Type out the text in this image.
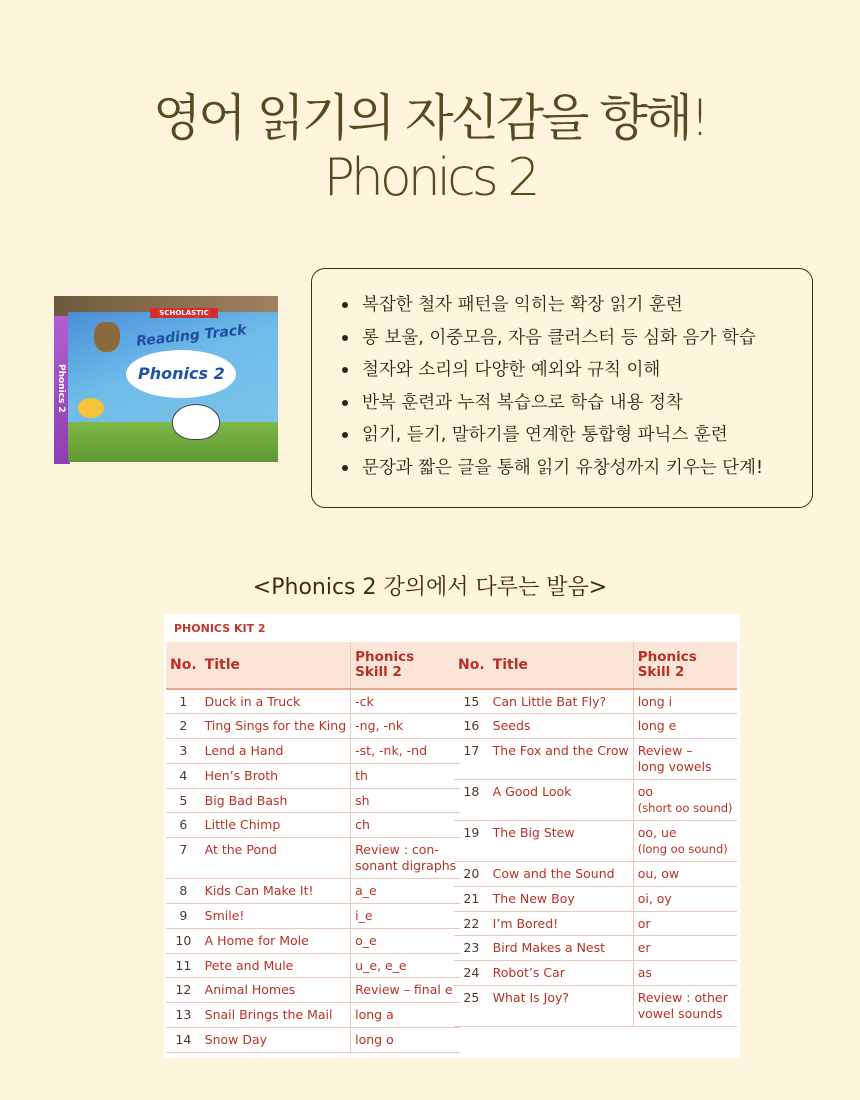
영어 읽기의 자신감을 향해!
Phonics 2
SCHOLASTIC
Reading Track
Phonics 2
Phonics 2
복잡한 철자 패턴을 익히는 확장 읽기 훈련
롱 보울, 이중모음, 자음 클러스터 등 심화 음가 학습
철자와 소리의 다양한 예외와 규칙 이해
반복 훈련과 누적 복습으로 학습 내용 정착
읽기, 듣기, 말하기를 연계한 통합형 파닉스 훈련
문장과 짧은 글을 통해 읽기 유창성까지 키우는 단계!
<Phonics 2 강의에서 다루는 발음>
PHONICS KIT 2
No.	Title	Phonics
Skill 2
1	Duck in a Truck	-ck

2	Ting Sings for the King	-ng, -nk

3	Lend a Hand	-st, -nk, -nd

4	Hen’s Broth	th

5	Big Bad Bash	sh

6	Little Chimp	ch

7	At the Pond	Review : con-
sonant digraphs

8	Kids Can Make It!	a_e

9	Smile!	i_e

10	A Home for Mole	o_e

11	Pete and Mule	u_e, e_e

12	Animal Homes	Review – final e

13	Snail Brings the Mail	long a

14	Snow Day	long o
No.	Title	Phonics
Skill 2
15	Can Little Bat Fly?	long i

16	Seeds	long e

17	The Fox and the Crow	Review –
long vowels

18	A Good Look	oo
(short oo sound)

19	The Big Stew	oo, ue
(long oo sound)

20	Cow and the Sound	ou, ow

21	The New Boy	oi, oy

22	I’m Bored!	or

23	Bird Makes a Nest	er

24	Robot’s Car	as

25	What Is Joy?	Review : other
vowel sounds
